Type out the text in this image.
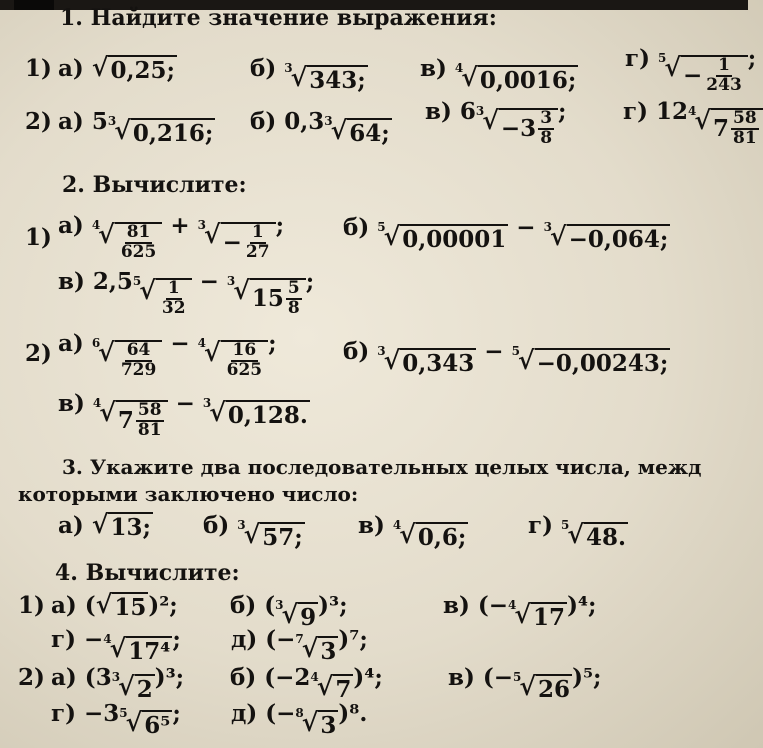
1. Найдите значение выражения:
1) а) √ 0,25;	б) 3
√ 343; в) 4
√ 0,0016;
г) 5
√ − $\frac{1}{243}$ ;
2) а) 5 3
√ 0,216; б) 0,3 3
√ 64;
в) 6 3
√ $-3 \frac{3}{8}$ ; г) 12 4
√ $7 \frac{58}{81}$
2. Вычислите:
1) а) 4
√ $\frac{81}{625} + 3$
√ − $\frac{1}{27}$ ;	б) 5
√ 0,00001 − 3
√ −0,064;
в) 2,5 5
√ $\frac{1}{32} - 3$
√ $15 \frac{5}{8}$ ;
2) а) 6
√ $\frac{64}{729} - 4$
√ $\frac{16}{625}$ ;	б) 3
√ 0,343 − 5
√ −0,00243;
в) 4
√ $7 \frac{58}{81} - 3$
√ 0,128.
3. Укажите два последовательных целых числа, межд
которыми заключено число:
а) √ 13; б) 3
√ 57; в) 4
√ 0,6;	г) 5
√ 48.
4. Вычислите:
1) а) ( √ 15 )²; б) ( 3
√ 9 )³;	в) (− 4
√ 17 )⁴;
г) − 4
√ 17⁴ ; д) (− 7
√ 3 )⁷;
2) а) (3 3
√ 2 )³; б) (−2 4
√ 7 )⁴;	в) (− 5
√ 26 )⁵;
г) −3 5
√ 6⁵ ; д) (− 8
√ 3 )⁸.
